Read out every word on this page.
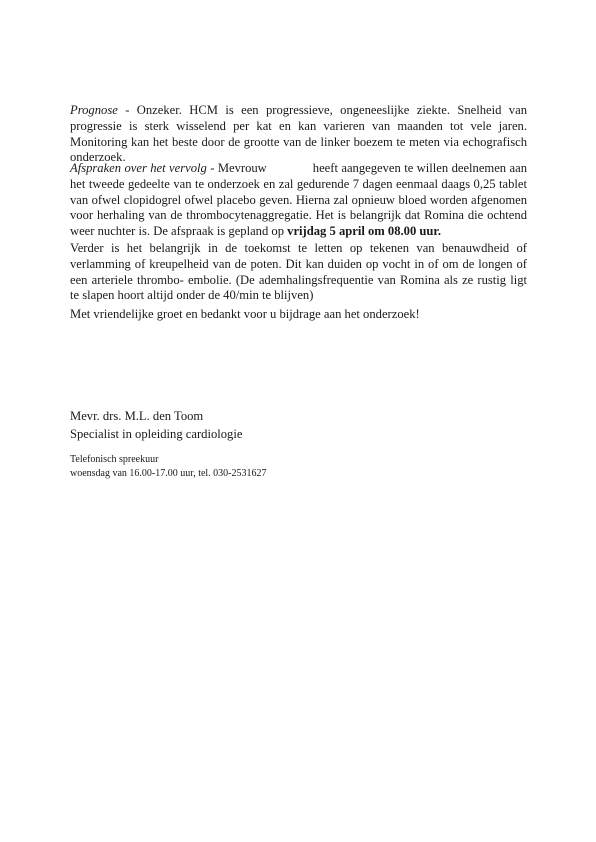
Prognose - Onzeker. HCM is een progressieve, ongeneeslijke ziekte. Snelheid van progressie is sterk wisselend per kat en kan varieren van maanden tot vele jaren. Monitoring kan het beste door de grootte van de linker boezem te meten via echografisch onderzoek.

Afspraken over het vervolg - Mevrouw	heeft aangegeven te willen deelnemen aan het tweede gedeelte van te onderzoek en zal gedurende 7 dagen eenmaal daags 0,25 tablet van ofwel clopidogrel ofwel placebo geven. Hierna zal opnieuw bloed worden afgenomen voor herhaling van de thrombocytenaggregatie. Het is belangrijk dat Romina die ochtend weer nuchter is. De afspraak is gepland op vrijdag 5 april om 08.00 uur.

Verder is het belangrijk in de toekomst te letten op tekenen van benauwdheid of verlamming of kreupelheid van de poten. Dit kan duiden op vocht in of om de longen of een arteriele thrombo- embolie. (De ademhalingsfrequentie van Romina als ze rustig ligt te slapen hoort altijd onder de 40/min te blijven)

Met vriendelijke groet en bedankt voor u bijdrage aan het onderzoek!

Mevr. drs. M.L. den Toom
Specialist in opleiding cardiologie
Telefonisch spreekuur
woensdag van 16.00-17.00 uur, tel. 030-2531627
